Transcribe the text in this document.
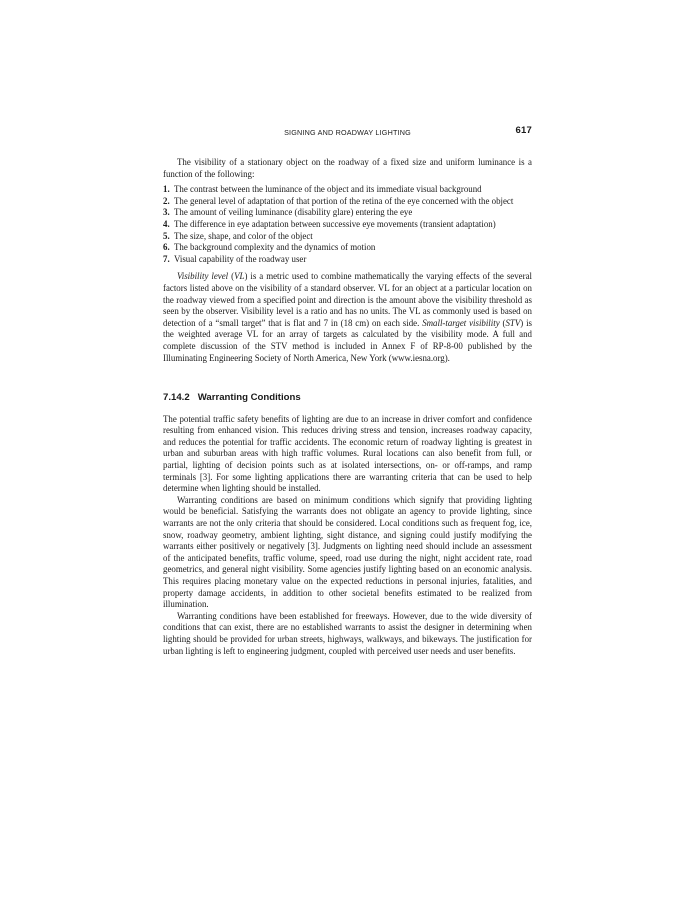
SIGNING AND ROADWAY LIGHTING	617

The visibility of a stationary object on the roadway of a fixed size and uniform luminance is a function of the following:

1. The contrast between the luminance of the object and its immediate visual background
2. The general level of adaptation of that portion of the retina of the eye concerned with the object
3. The amount of veiling luminance (disability glare) entering the eye
4. The difference in eye adaptation between successive eye movements (transient adaptation)
5. The size, shape, and color of the object
6. The background complexity and the dynamics of motion
7. Visual capability of the roadway user

Visibility level (VL) is a metric used to combine mathematically the varying effects of the several factors listed above on the visibility of a standard observer. VL for an object at a particular location on the roadway viewed from a specified point and direction is the amount above the visibility threshold as seen by the observer. Visibility level is a ratio and has no units. The VL as commonly used is based on detection of a “small target” that is flat and 7 in (18 cm) on each side. Small-target visibility (STV) is the weighted average VL for an array of targets as calculated by the visibility mode. A full and complete discussion of the STV method is included in Annex F of RP-8-00 published by the Illuminating Engineering Society of North America, New York (www.iesna.org).

7.14.2 Warranting Conditions

The potential traffic safety benefits of lighting are due to an increase in driver comfort and confidence resulting from enhanced vision. This reduces driving stress and tension, increases roadway capacity, and reduces the potential for traffic accidents. The economic return of roadway lighting is greatest in urban and suburban areas with high traffic volumes. Rural locations can also benefit from full, or partial, lighting of decision points such as at isolated intersections, on- or off-ramps, and ramp terminals [3]. For some lighting applications there are warranting criteria that can be used to help determine when lighting should be installed.

Warranting conditions are based on minimum conditions which signify that providing lighting would be beneficial. Satisfying the warrants does not obligate an agency to provide lighting, since warrants are not the only criteria that should be considered. Local conditions such as frequent fog, ice, snow, roadway geometry, ambient lighting, sight distance, and signing could justify modifying the warrants either positively or negatively [3]. Judgments on lighting need should include an assessment of the anticipated benefits, traffic volume, speed, road use during the night, night accident rate, road geometrics, and general night visibility. Some agencies justify lighting based on an economic analysis. This requires placing monetary value on the expected reductions in personal injuries, fatalities, and property damage accidents, in addition to other societal benefits estimated to be realized from illumination.

Warranting conditions have been established for freeways. However, due to the wide diversity of conditions that can exist, there are no established warrants to assist the designer in determining when lighting should be provided for urban streets, highways, walkways, and bikeways. The justification for urban lighting is left to engineering judgment, coupled with perceived user needs and user benefits.
